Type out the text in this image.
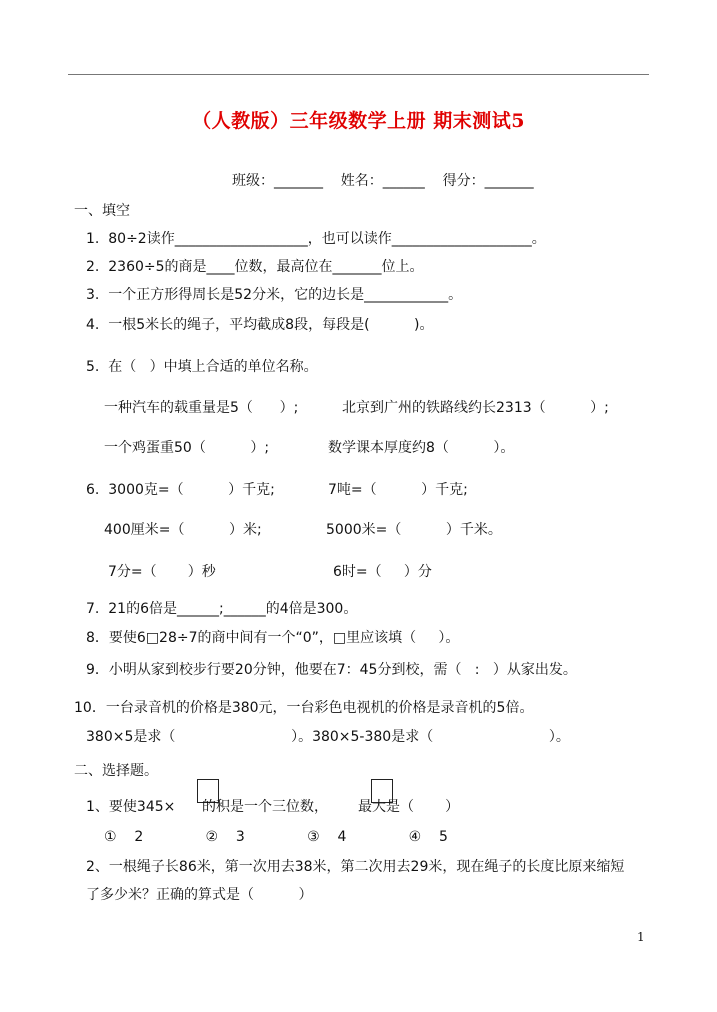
（人教版）三年级数学上册 期末测试5
班级：_______    姓名：______    得分：_______
一、填空
1.  80÷2读作___________________，也可以读作____________________。
2.  2360÷5的商是____位数，最高位在_______位上。
3.  一个正方形得周长是52分米，它的边长是____________。
4.  一根5米长的绳子，平均截成8段，每段是(          )。
5.  在（   ）中填上合适的单位名称。
一种汽车的载重量是5（      ）;	北京到广州的铁路线约长2313（          ）;
一个鸡蛋重50（          ）;	数学课本厚度约8（          ）。
6.  3000克=（          ）千克;	7吨=（          ）千克;
400厘米=（          ）米;	5000米=（          ）千米。
7分=（       ）秒	6时=（     ）分
7.  21的6倍是______;______的4倍是300。
8．要使6□28÷7的商中间有一个“0”，□里应该填（     ）。
9．小明从家到校步行要20分钟，他要在7：45分到校，需（   :   ）从家出发。
10．一台录音机的价格是380元，一台彩色电视机的价格是录音机的5倍。
380×5是求（                          ）。380×5-380是求（                          ）。
二、选择题。
1、要使345× 的积是一个三位数， 最大是（       ）
①    2              ②    3              ③    4              ④    5
2、一根绳子长86米，第一次用去38米，第二次用去29米，现在绳子的长度比原来缩短
了多少米？正确的算式是（          ）
1
